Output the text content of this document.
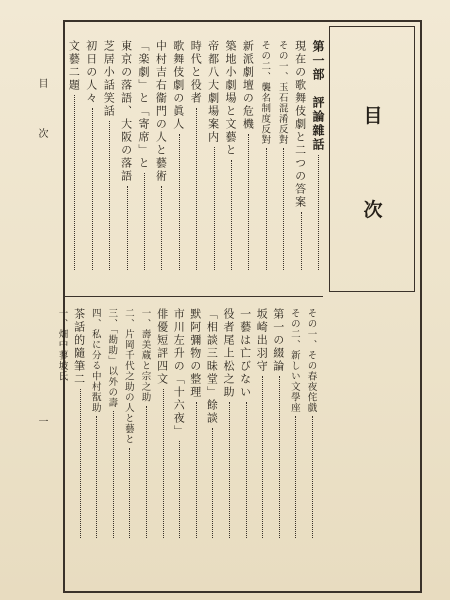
目
次
一
目
次
第一部　評論雜話
現在の歌舞伎劇と二つの答案
その一、玉石混淆反對
その二、襲名制度反對
新派劇壇の危機
築地小劇場と文藝と
帝都八大劇場案内
時代と役者
歌舞伎劇の眞人
中村吉右衞門の人と藝術
「楽劇」と「寄席」と
東京の落語、大阪の落語
芝居小話笑話
初日の人々
文藝二題
その一、その春夜侘戲
その二、新しい文學座
第一の綴論
坂崎出羽守
一藝は亡びない
役者尾上松之助
「相談三昧堂」餘談
默阿彌物の整理
市川左升の「十六夜」
俳優短評四文
一、壽美蔵と宗之助
二、片岡千代之助の人と藝と
三、「勘助」以外の壽
四、私に分る中村翫助
茶話的隨筆二
一、畑中蓼坡氏
